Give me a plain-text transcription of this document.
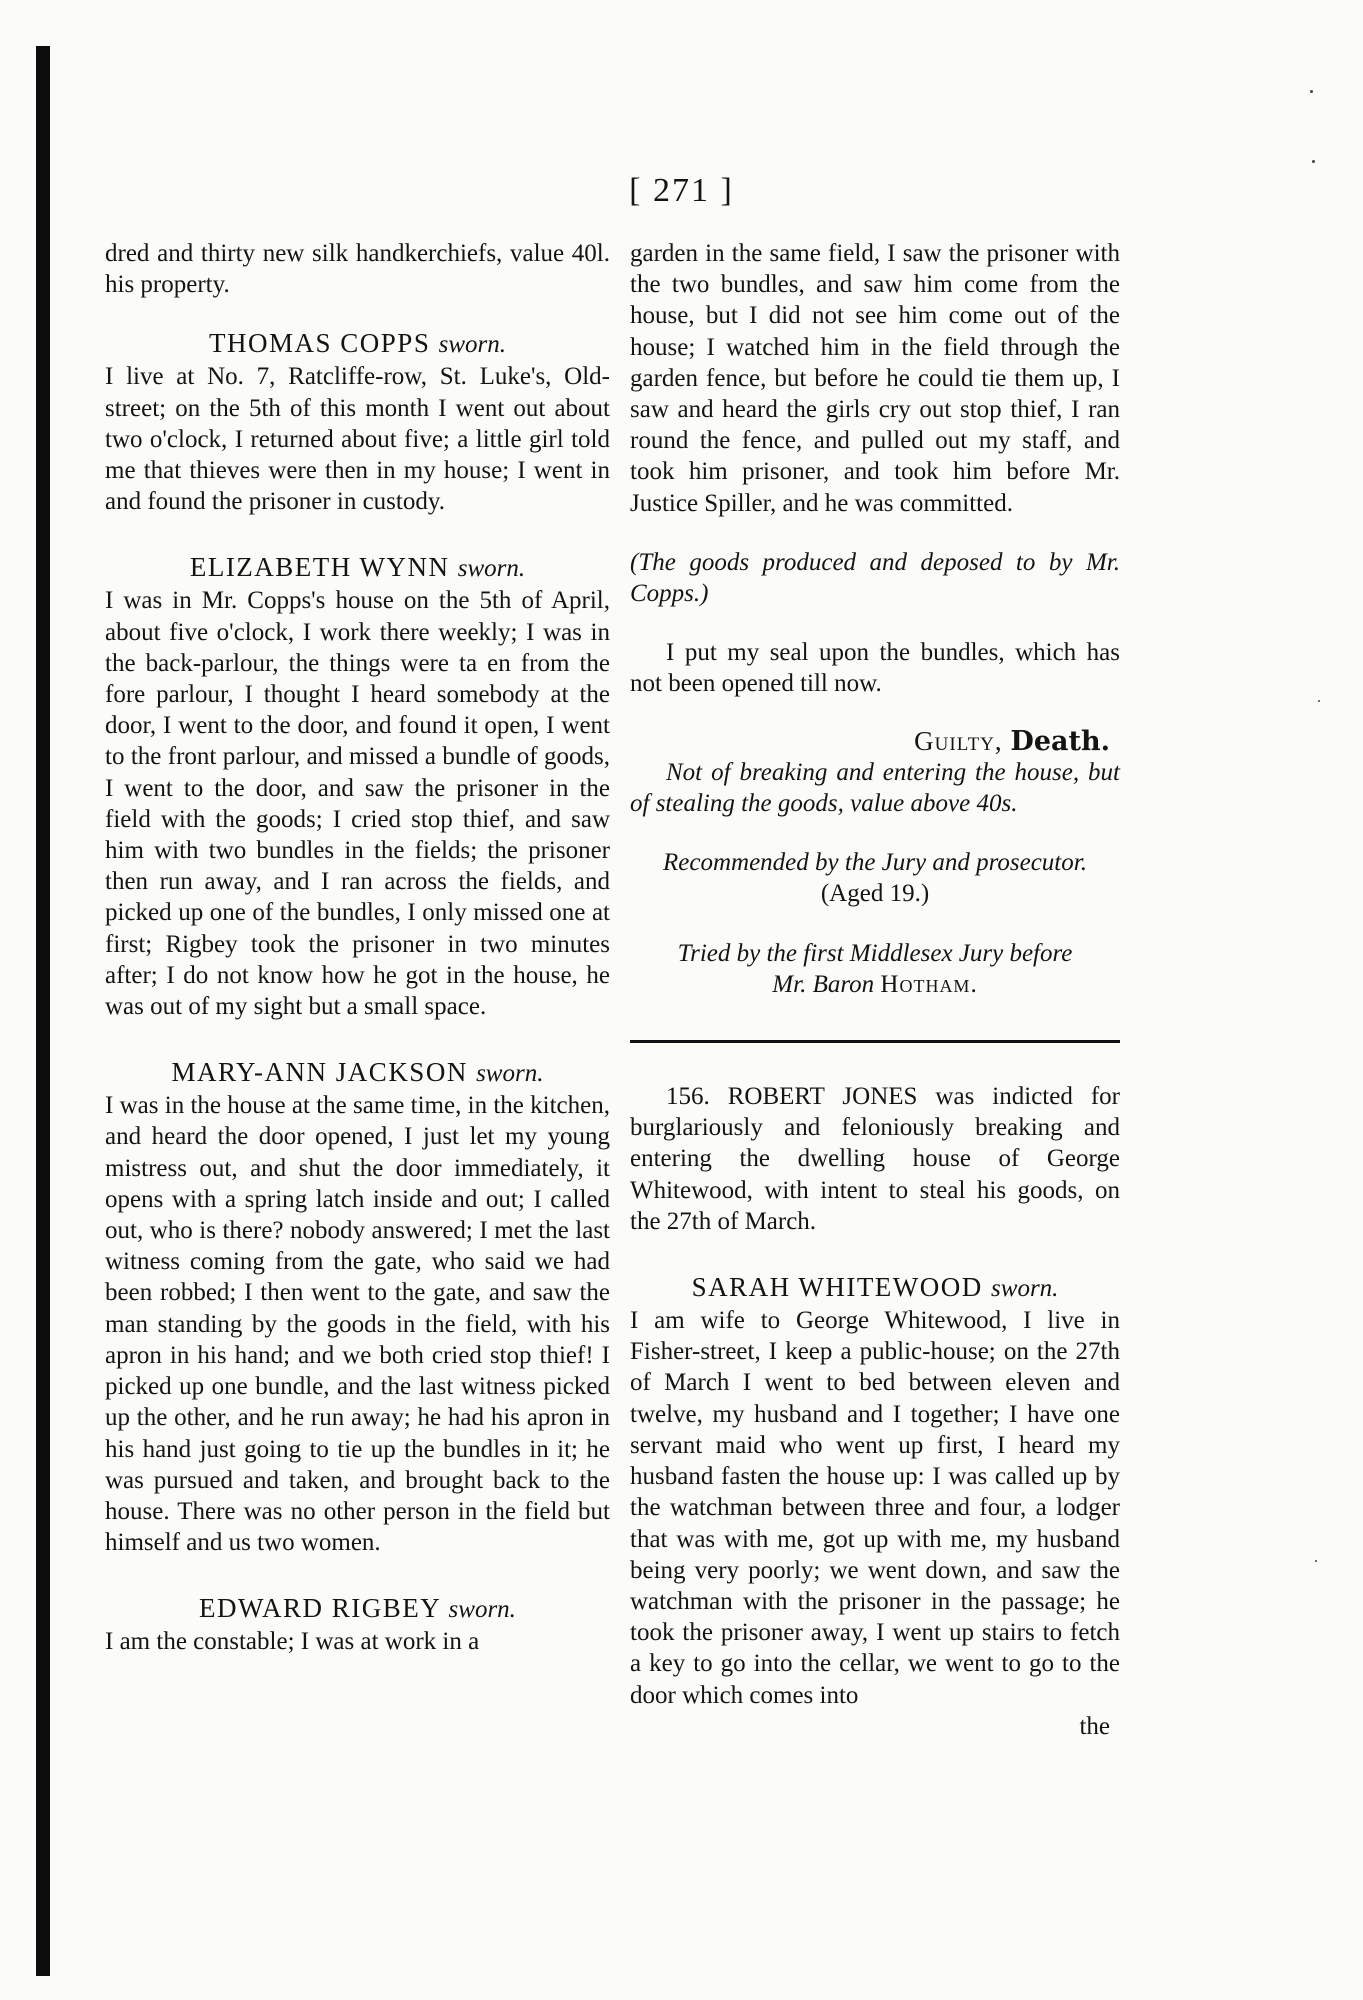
[ 271 ]

dred and thirty new silk handkerchiefs, value 40l. his property.

THOMAS COPPS sworn.

I live at No. 7, Ratcliffe-row, St. Luke's, Old-street; on the 5th of this month I went out about two o'clock, I returned about five; a little girl told me that thieves were then in my house; I went in and found the prisoner in custody.

ELIZABETH WYNN sworn.

I was in Mr. Copps's house on the 5th of April, about five o'clock, I work there weekly; I was in the back-parlour, the things were ta en from the fore parlour, I thought I heard somebody at the door, I went to the door, and found it open, I went to the front parlour, and missed a bundle of goods, I went to the door, and saw the prisoner in the field with the goods; I cried stop thief, and saw him with two bundles in the fields; the prisoner then run away, and I ran across the fields, and picked up one of the bundles, I only missed one at first; Rigbey took the prisoner in two minutes after; I do not know how he got in the house, he was out of my sight but a small space.

MARY-ANN JACKSON sworn.

I was in the house at the same time, in the kitchen, and heard the door opened, I just let my young mistress out, and shut the door immediately, it opens with a spring latch inside and out; I called out, who is there? nobody answered; I met the last witness coming from the gate, who said we had been robbed; I then went to the gate, and saw the man standing by the goods in the field, with his apron in his hand; and we both cried stop thief! I picked up one bundle, and the last witness picked up the other, and he run away; he had his apron in his hand just going to tie up the bundles in it; he was pursued and taken, and brought back to the house. There was no other person in the field but himself and us two women.

EDWARD RIGBEY sworn.

I am the constable; I was at work in a

garden in the same field, I saw the prisoner with the two bundles, and saw him come from the house, but I did not see him come out of the house; I watched him in the field through the garden fence, but before he could tie them up, I saw and heard the girls cry out stop thief, I ran round the fence, and pulled out my staff, and took him prisoner, and took him before Mr. Justice Spiller, and he was committed.

(The goods produced and deposed to by Mr. Copps.)

I put my seal upon the bundles, which has not been opened till now.

Guilty, Death.

Not of breaking and entering the house, but of stealing the goods, value above 40s.

Recommended by the Jury and prosecutor.

(Aged 19.)

Tried by the first Middlesex Jury before

Mr. Baron Hotham.

156. ROBERT JONES was indicted for burglariously and feloniously breaking and entering the dwelling house of George Whitewood, with intent to steal his goods, on the 27th of March.

SARAH WHITEWOOD sworn.

I am wife to George Whitewood, I live in Fisher-street, I keep a public-house; on the 27th of March I went to bed between eleven and twelve, my husband and I together; I have one servant maid who went up first, I heard my husband fasten the house up: I was called up by the watchman between three and four, a lodger that was with me, got up with me, my husband being very poorly; we went down, and saw the watchman with the prisoner in the passage; he took the prisoner away, I went up stairs to fetch a key to go into the cellar, we went to go to the door which comes into

the
